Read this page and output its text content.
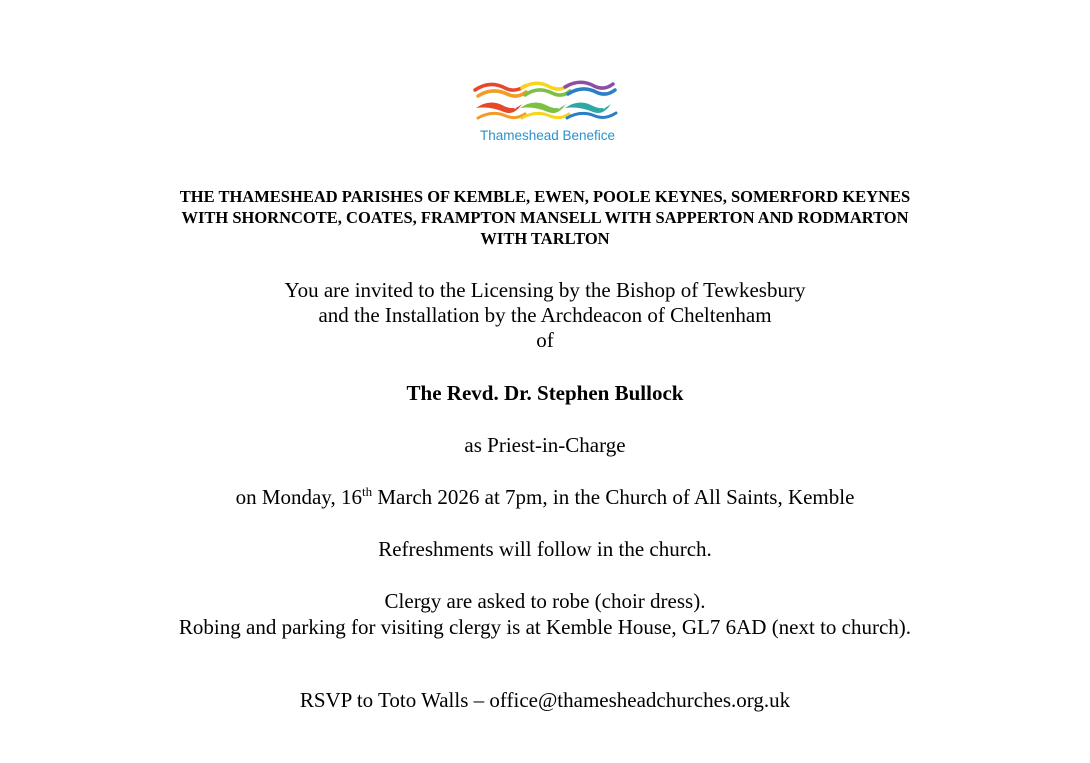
Thameshead Benefice
THE THAMESHEAD PARISHES OF KEMBLE, EWEN, POOLE KEYNES, SOMERFORD KEYNES
WITH SHORNCOTE, COATES, FRAMPTON MANSELL WITH SAPPERTON AND RODMARTON
WITH TARLTON
You are invited to the Licensing by the Bishop of Tewkesbury
and the Installation by the Archdeacon of Cheltenham
of
The Revd. Dr. Stephen Bullock
as Priest-in-Charge
on Monday, 16th March 2026 at 7pm, in the Church of All Saints, Kemble
Refreshments will follow in the church.
Clergy are asked to robe (choir dress).
Robing and parking for visiting clergy is at Kemble House, GL7 6AD (next to church).
RSVP to Toto Walls – office@thamesheadchurches.org.uk
